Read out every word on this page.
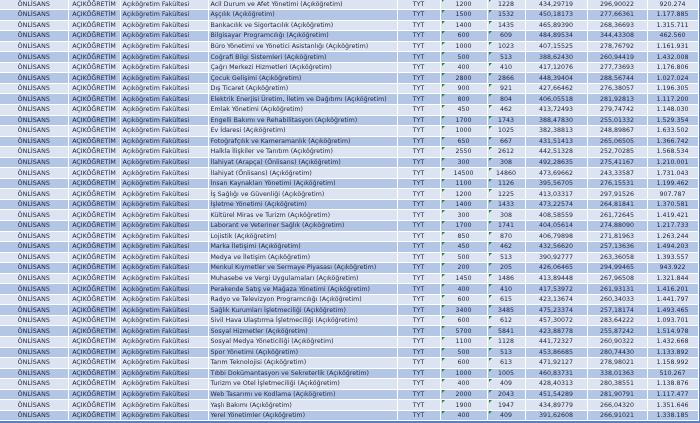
ÖNLİSANS	AÇIKÖĞRETİM	Açıköğretim Fakültesi	Acil Durum ve Afet Yönetimi (Açıköğretim)	TYT	1200	1228	434,29719	296,90022	920.274
ÖNLİSANS	AÇIKÖĞRETİM	Açıköğretim Fakültesi	Aşçılık (Açıköğretim)	TYT	1500	1532	450,18173	277,66361	1.177.885
ÖNLİSANS	AÇIKÖĞRETİM	Açıköğretim Fakültesi	Bankacılık ve Sigortacılık (Açıköğretim)	TYT	1400	1435	465,89390	268,36693	1.315.711
ÖNLİSANS	AÇIKÖĞRETİM	Açıköğretim Fakültesi	Bilgisayar Programcılığı (Açıköğretim)	TYT	600	609	484,89534	344,43308	462.560
ÖNLİSANS	AÇIKÖĞRETİM	Açıköğretim Fakültesi	Büro Yönetimi ve Yönetici Asistanlığı (Açıköğretim)	TYT	1000	1023	407,15525	278,76792	1.161.931
ÖNLİSANS	AÇIKÖĞRETİM	Açıköğretim Fakültesi	Coğrafi Bilgi Sistemleri (Açıköğretim)	TYT	500	513	388,62430	260,94419	1.432.008
ÖNLİSANS	AÇIKÖĞRETİM	Açıköğretim Fakültesi	Çağrı Merkezi Hizmetleri (Açıköğretim)	TYT	400	410	417,12076	277,73693	1.176.806
ÖNLİSANS	AÇIKÖĞRETİM	Açıköğretim Fakültesi	Çocuk Gelişimi (Açıköğretim)	TYT	2800	2866	448,39404	288,56744	1.027.024
ÖNLİSANS	AÇIKÖĞRETİM	Açıköğretim Fakültesi	Dış Ticaret (Açıköğretim)	TYT	900	921	427,66462	276,38057	1.196.305
ÖNLİSANS	AÇIKÖĞRETİM	Açıköğretim Fakültesi	Elektrik Enerjisi Üretim, İletim ve Dağıtımı (Açıköğretim)	TYT	800	804	406,05518	281,92813	1.117.200
ÖNLİSANS	AÇIKÖĞRETİM	Açıköğretim Fakültesi	Emlak Yönetimi (Açıköğretim)	TYT	450	462	413,72493	279,74742	1.148.030
ÖNLİSANS	AÇIKÖĞRETİM	Açıköğretim Fakültesi	Engelli Bakımı ve Rehabilitasyon (Açıköğretim)	TYT	1700	1743	388,47830	255,01332	1.529.354
ÖNLİSANS	AÇIKÖĞRETİM	Açıköğretim Fakültesi	Ev İdaresi (Açıköğretim)	TYT	1000	1025	382,38813	248,89867	1.633.502
ÖNLİSANS	AÇIKÖĞRETİM	Açıköğretim Fakültesi	Fotoğrafçılık ve Kameramanlık (Açıköğretim)	TYT	650	667	431,51413	265,06505	1.366.742
ÖNLİSANS	AÇIKÖĞRETİM	Açıköğretim Fakültesi	Halkla İlişkiler ve Tanıtım (Açıköğretim)	TYT	2550	2612	442,51328	252,70285	1.568.534
ÖNLİSANS	AÇIKÖĞRETİM	Açıköğretim Fakültesi	İlahiyat (Arapça) (Önlisans) (Açıköğretim)	TYT	300	308	492,28635	275,41167	1.210.001
ÖNLİSANS	AÇIKÖĞRETİM	Açıköğretim Fakültesi	İlahiyat (Önlisans) (Açıköğretim)	TYT	14500	14860	473,69662	243,33587	1.731.043
ÖNLİSANS	AÇIKÖĞRETİM	Açıköğretim Fakültesi	İnsan Kaynakları Yönetimi (Açıköğretim)	TYT	1100	1126	395,56705	276,15531	1.199.462
ÖNLİSANS	AÇIKÖĞRETİM	Açıköğretim Fakültesi	İş Sağlığı ve Güvenliği (Açıköğretim)	TYT	1200	1225	413,03317	297,91526	907.787
ÖNLİSANS	AÇIKÖĞRETİM	Açıköğretim Fakültesi	İşletme Yönetimi (Açıköğretim)	TYT	1400	1433	473,22574	264,81841	1.370.581
ÖNLİSANS	AÇIKÖĞRETİM	Açıköğretim Fakültesi	Kültürel Miras ve Turizm (Açıköğretim)	TYT	300	308	408,58559	261,72645	1.419.421
ÖNLİSANS	AÇIKÖĞRETİM	Açıköğretim Fakültesi	Laborant ve Veteriner Sağlık (Açıköğretim)	TYT	1700	1741	404,05614	274,88090	1.217.733
ÖNLİSANS	AÇIKÖĞRETİM	Açıköğretim Fakültesi	Lojistik (Açıköğretim)	TYT	850	870	406,79898	271,81963	1.263.244
ÖNLİSANS	AÇIKÖĞRETİM	Açıköğretim Fakültesi	Marka İletişimi (Açıköğretim)	TYT	450	462	432,56620	257,13636	1.494.203
ÖNLİSANS	AÇIKÖĞRETİM	Açıköğretim Fakültesi	Medya ve İletişim (Açıköğretim)	TYT	500	513	390,92777	263,36058	1.393.557
ÖNLİSANS	AÇIKÖĞRETİM	Açıköğretim Fakültesi	Menkul Kıymetler ve Sermaye Piyasası (Açıköğretim)	TYT	200	205	426,06465	294,99465	943.922
ÖNLİSANS	AÇIKÖĞRETİM	Açıköğretim Fakültesi	Muhasebe ve Vergi Uygulamaları (Açıköğretim)	TYT	1450	1486	413,89448	267,96508	1.321.844
ÖNLİSANS	AÇIKÖĞRETİM	Açıköğretim Fakültesi	Perakende Satış ve Mağaza Yönetimi (Açıköğretim)	TYT	400	410	417,53972	261,93131	1.416.201
ÖNLİSANS	AÇIKÖĞRETİM	Açıköğretim Fakültesi	Radyo ve Televizyon Programcılığı (Açıköğretim)	TYT	600	615	423,13674	260,34033	1.441.797
ÖNLİSANS	AÇIKÖĞRETİM	Açıköğretim Fakültesi	Sağlık Kurumları İşletmeciliği (Açıköğretim)	TYT	3400	3485	475,23374	257,18174	1.493.465
ÖNLİSANS	AÇIKÖĞRETİM	Açıköğretim Fakültesi	Sivil Hava Ulaştırma İşletmeciliği (Açıköğretim)	TYT	600	612	457,30072	283,64222	1.093.701
ÖNLİSANS	AÇIKÖĞRETİM	Açıköğretim Fakültesi	Sosyal Hizmetler (Açıköğretim)	TYT	5700	5841	423,88778	255,87242	1.514.978
ÖNLİSANS	AÇIKÖĞRETİM	Açıköğretim Fakültesi	Sosyal Medya Yöneticiliği (Açıköğretim)	TYT	1100	1128	441,72327	260,90322	1.432.668
ÖNLİSANS	AÇIKÖĞRETİM	Açıköğretim Fakültesi	Spor Yönetimi (Açıköğretim)	TYT	500	513	453,86685	280,74430	1.133.892
ÖNLİSANS	AÇIKÖĞRETİM	Açıköğretim Fakültesi	Tarım Teknolojisi (Açıköğretim)	TYT	600	613	471,92127	278,98021	1.158.992
ÖNLİSANS	AÇIKÖĞRETİM	Açıköğretim Fakültesi	Tıbbi Dokümantasyon ve Sekreterlik (Açıköğretim)	TYT	1000	1005	460,83731	338,01363	510.267
ÖNLİSANS	AÇIKÖĞRETİM	Açıköğretim Fakültesi	Turizm ve Otel İşletmeciliği (Açıköğretim)	TYT	400	409	428,40313	280,38551	1.138.876
ÖNLİSANS	AÇIKÖĞRETİM	Açıköğretim Fakültesi	Web Tasarımı ve Kodlama (Açıköğretim)	TYT	2000	2043	451,54289	281,90791	1.117.477
ÖNLİSANS	AÇIKÖĞRETİM	Açıköğretim Fakültesi	Yaşlı Bakımı (Açıköğretim)	TYT	1900	1947	434,89779	266,04320	1.351.646
ÖNLİSANS	AÇIKÖĞRETİM	Açıköğretim Fakültesi	Yerel Yönetimler (Açıköğretim)	TYT	400	409	391,62608	266,91021	1.338.185
